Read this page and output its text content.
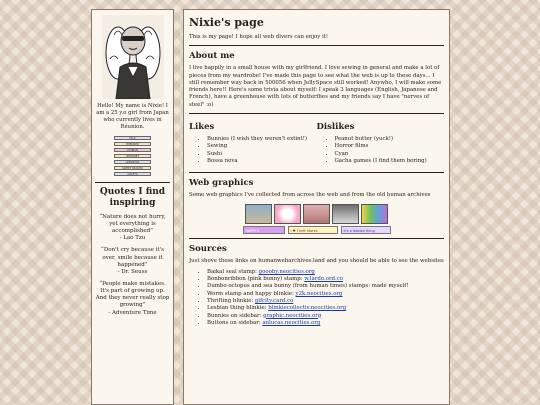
Hello! My name is Nixie! I am a 25 y.o girl from Japan who currently lives in Réunion.
FALK
BHEDRER
LESBIAN
INTERNET
LEBANEAS
SWEET READER
CRAFTS
Quotes I find inspiring
“Nature does not hurry, yet everything is accomplished”
- Lao Tzu
“Don't cry because it's over, smile because it happened”
- Dr. Seuss
“People make mistakes. It's part of growing up. And they never really stop growing”
- Adventure Time
Nixie's page
This is my page! I hope all web divers can enjoy it!
About me
I live happily in a small house with my girlfriend. I love sewing in general and make a lot of pieces from my wardrobe! I've made this page to see what the web is up to these days... I still remember way back in 500056 when JellySpace still worked! Anywho, I will make some friends here!! Here's some trivia about myself: I speak 3 languages (English, Japanese and French), have a greenhouse with lots of butterflies and my friends say I have "nerves of steel" :o)
Likes
• Bunnies (I wish they weren't extint!)
• Sewing
• Sushi
• Bossa nova
Dislikes
• Peanut butter (yuck!)
• Horror films
• Cyan
• Gacha games (I find them boring)
Web graphics
Some web graphics I've collected from across the web and from the old human archives
HAPPY!!	I ♥ Thrift Stores	It's a lesbian thing
Sources
Just shove these links on humanwebarchives.land and you should be able to see the websites
• Baikal seal stamp: goooby.neocities.org
• Bonbonribbon (pink bunny) stamp: w.lardo.ord.co
• Dumbo octopus and sea bunny (from human times) stamps: made myself!
• Worm stamp and happy blinkie: y2k.neocities.org
• Thrifting blinkie: gifcity.card.co
• Lesbian thing blinkie: blinkiecollectiv.neocities.org
• Bunnies on sidebar: graphic.neocities.org
• Buttons on sidebar: anlucas.neocities.org
